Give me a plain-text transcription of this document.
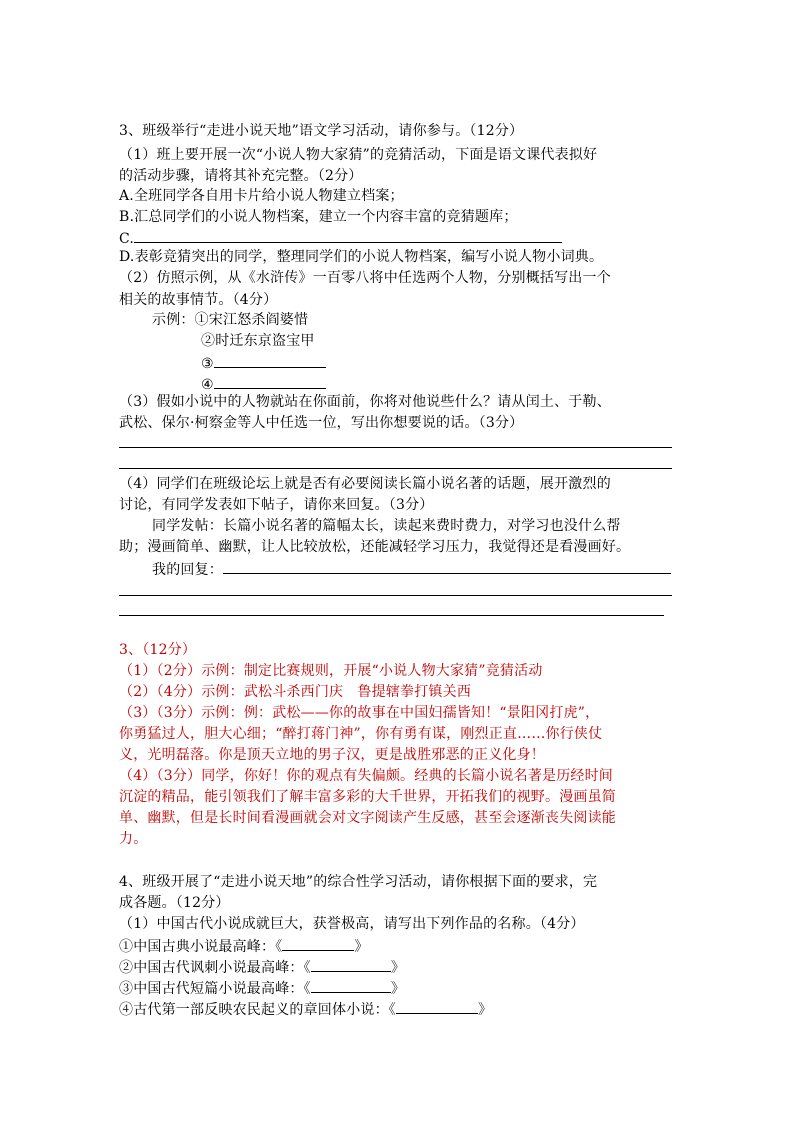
3、班级举行“走进小说天地”语文学习活动，请你参与。（12分）
（1）班上要开展一次“小说人物大家猜”的竞猜活动，下面是语文课代表拟好
的活动步骤，请将其补充完整。（2分）
A.全班同学各自用卡片给小说人物建立档案；
B.汇总同学们的小说人物档案，建立一个内容丰富的竞猜题库；
C.
D.表彰竞猜突出的同学，整理同学们的小说人物档案，编写小说人物小词典。
（2）仿照示例，从《水浒传》一百零八将中任选两个人物，分别概括写出一个
相关的故事情节。（4分）
示例：①宋江怒杀阎婆惜
②时迁东京盗宝甲
③
④
（3）假如小说中的人物就站在你面前，你将对他说些什么？请从闰土、于勒、
武松、保尔·柯察金等人中任选一位，写出你想要说的话。（3分）
（4）同学们在班级论坛上就是否有必要阅读长篇小说名著的话题，展开激烈的
讨论，有同学发表如下帖子，请你来回复。（3分）
同学发帖：长篇小说名著的篇幅太长，读起来费时费力，对学习也没什么帮
助；漫画简单、幽默，让人比较放松，还能减轻学习压力，我觉得还是看漫画好。
我的回复：
3、（12分）
（1）（2分）示例：制定比赛规则，开展“小说人物大家猜”竞猜活动
（2）（4分）示例：武松斗杀西门庆　鲁提辖拳打镇关西
（3）（3分）示例：例：武松——你的故事在中国妇孺皆知！“景阳冈打虎”，
你勇猛过人，胆大心细；“醉打蒋门神”，你有勇有谋，刚烈正直……你行侠仗
义，光明磊落。你是顶天立地的男子汉，更是战胜邪恶的正义化身！
（4）（3分）同学，你好！你的观点有失偏颇。经典的长篇小说名著是历经时间
沉淀的精品，能引领我们了解丰富多彩的大千世界，开拓我们的视野。漫画虽简
单、幽默，但是长时间看漫画就会对文字阅读产生反感，甚至会逐渐丧失阅读能
力。
4、班级开展了“走进小说天地”的综合性学习活动，请你根据下面的要求，完
成各题。（12分）
（1）中国古代小说成就巨大，获誉极高，请写出下列作品的名称。（4分）
①中国古典小说最高峰：《	》
②中国古代讽刺小说最高峰：《	》
③中国古代短篇小说最高峰：《	》
④古代第一部反映农民起义的章回体小说：《	》
